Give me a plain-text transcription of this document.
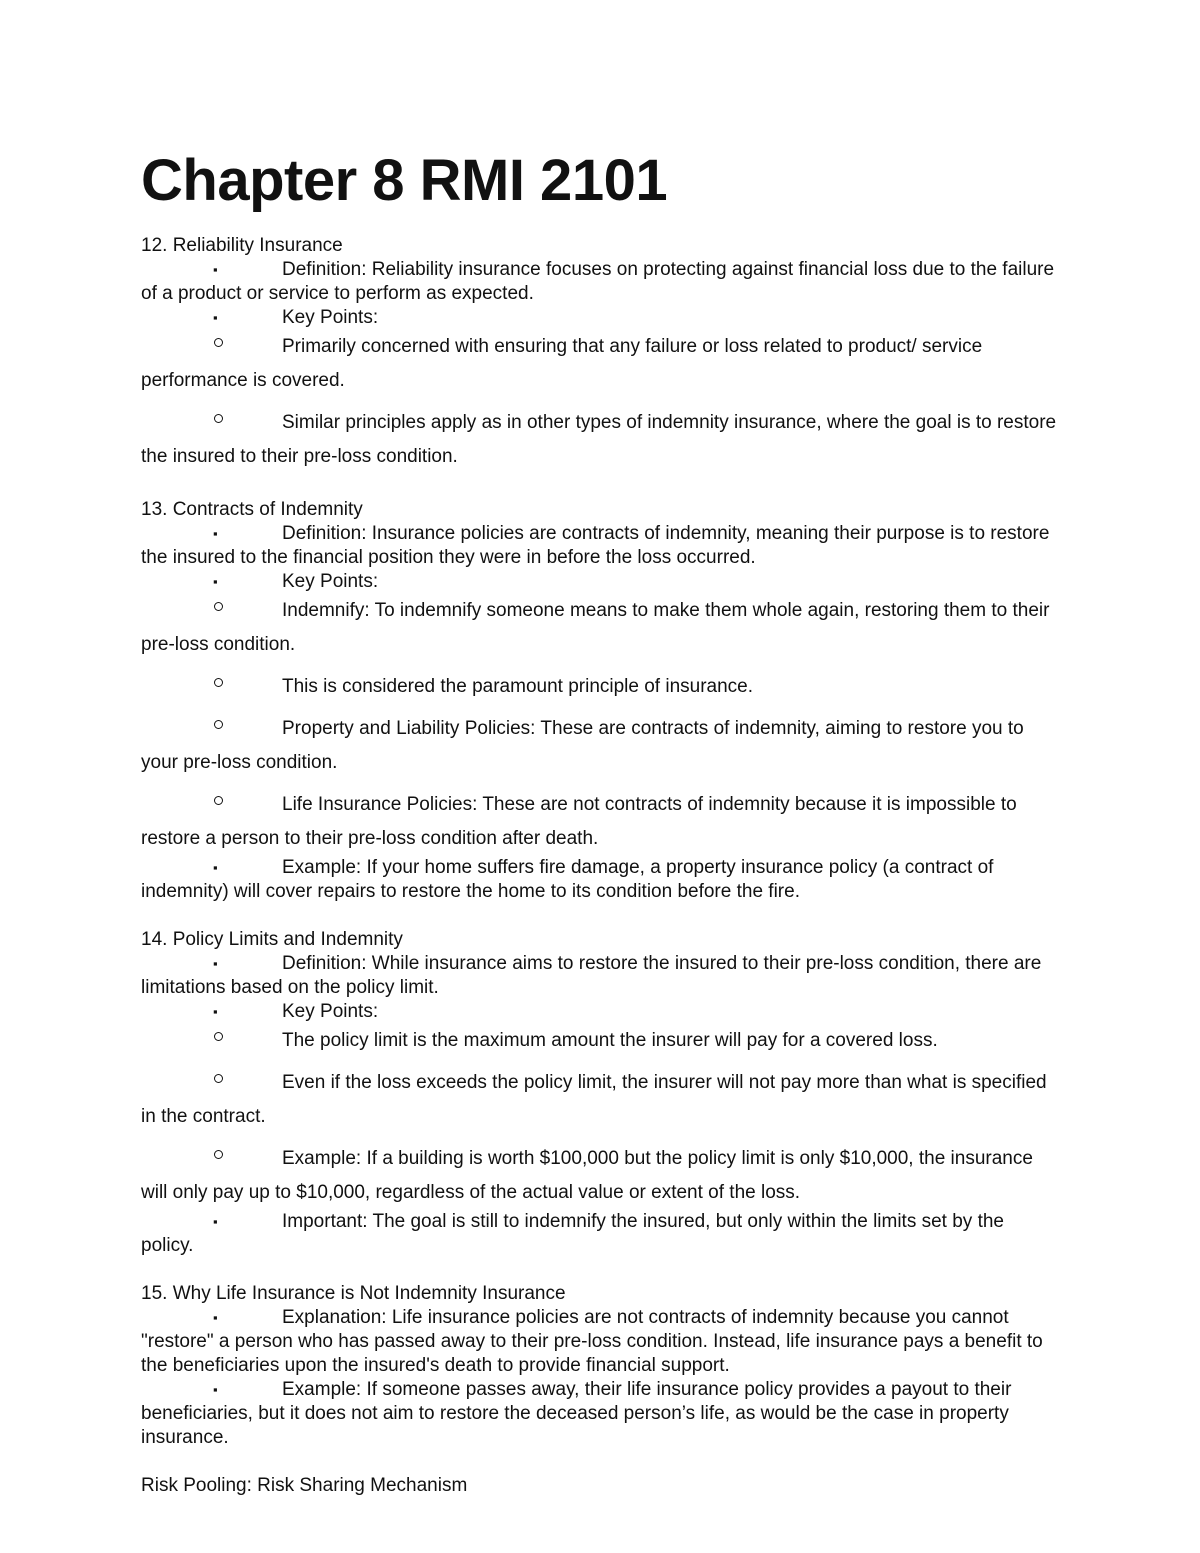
Chapter 8 RMI 2101

12. Reliability Insurance

▪	Definition: Reliability insurance focuses on protecting against financial loss due to the failure of a product or service to perform as expected.

▪	Key Points:

Primarily concerned with ensuring that any failure or loss related to product/ service performance is covered.

Similar principles apply as in other types of indemnity insurance, where the goal is to restore the insured to their pre-loss condition.

13. Contracts of Indemnity

▪	Definition: Insurance policies are contracts of indemnity, meaning their purpose is to restore the insured to the financial position they were in before the loss occurred.

▪	Key Points:

Indemnify: To indemnify someone means to make them whole again, restoring them to their pre-loss condition.

This is considered the paramount principle of insurance.

Property and Liability Policies: These are contracts of indemnity, aiming to restore you to your pre-loss condition.

Life Insurance Policies: These are not contracts of indemnity because it is impossible to restore a person to their pre-loss condition after death.

▪	Example: If your home suffers fire damage, a property insurance policy (a contract of indemnity) will cover repairs to restore the home to its condition before the fire.

14. Policy Limits and Indemnity

▪	Definition: While insurance aims to restore the insured to their pre-loss condition, there are limitations based on the policy limit.

▪	Key Points:

The policy limit is the maximum amount the insurer will pay for a covered loss.

Even if the loss exceeds the policy limit, the insurer will not pay more than what is specified in the contract.

Example: If a building is worth $100,000 but the policy limit is only $10,000, the insurance will only pay up to $10,000, regardless of the actual value or extent of the loss.

▪	Important: The goal is still to indemnify the insured, but only within the limits set by the policy.

15. Why Life Insurance is Not Indemnity Insurance

▪	Explanation: Life insurance policies are not contracts of indemnity because you cannot "restore" a person who has passed away to their pre-loss condition. Instead, life insurance pays a benefit to the beneficiaries upon the insured's death to provide financial support.

▪	Example: If someone passes away, their life insurance policy provides a payout to their beneficiaries, but it does not aim to restore the deceased person’s life, as would be the case in property insurance.

Risk Pooling: Risk Sharing Mechanism
